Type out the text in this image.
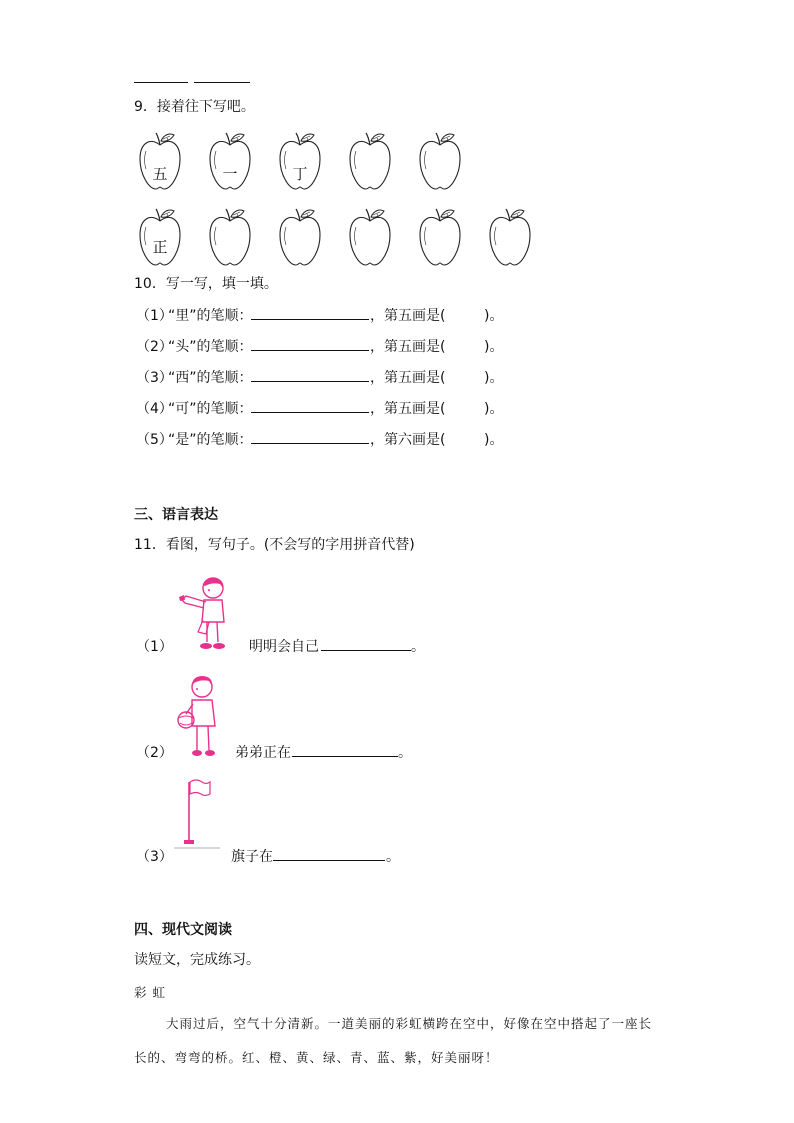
9．接着往下写吧。
五	一	丁
正
10．写一写，填一填。
（1）
“里”的笔顺：	，第五画是(	)。
（2）
“头”的笔顺：	，第五画是(	)。
（3）
“西”的笔顺：	，第五画是(	)。
（4）
“可”的笔顺：	，第五画是(	)。
（5）
“是”的笔顺：	，第六画是(	)。
三、语言表达
11．看图，写句子。(不会写的字用拼音代替)
（1）	明明会自己	。
（2）	弟弟正在	。
（3）	旗子在	。
四、现代文阅读
读短文，完成练习。
彩 虹
大雨过后，空气十分清新。一道美丽的彩虹横跨在空中，好像在空中搭起了一座长
长的、弯弯的桥。红、橙、黄、绿、青、蓝、紫，好美丽呀！
